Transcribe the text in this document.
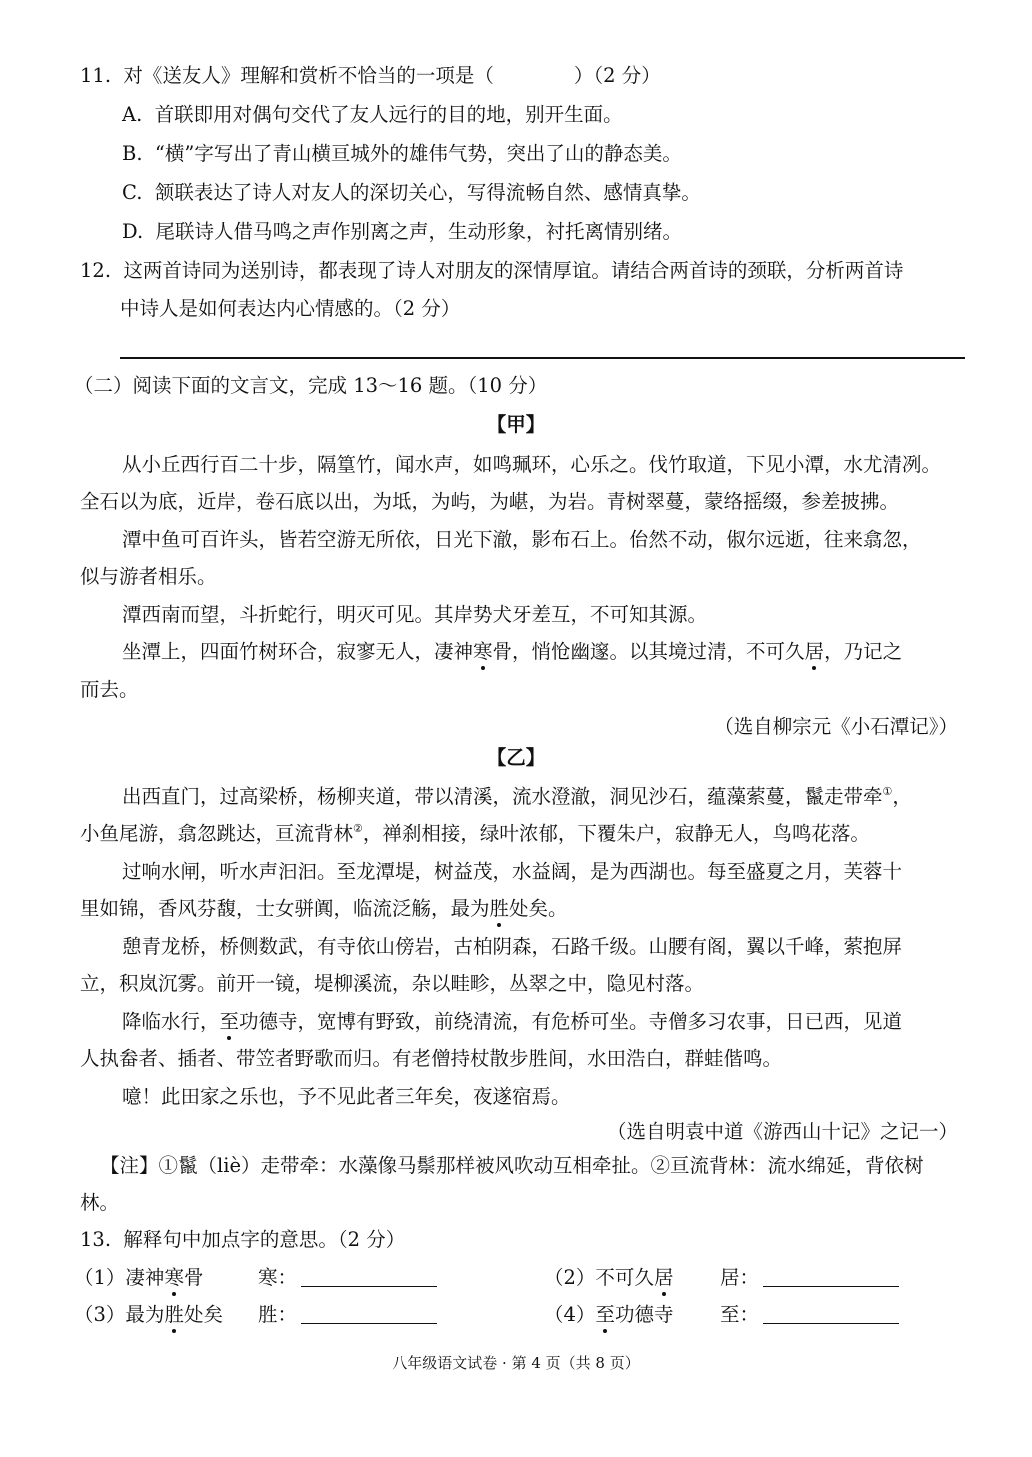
11.  对《送友人》理解和赏析不恰当的一项是（	）（2 分）
A.  首联即用对偶句交代了友人远行的目的地，别开生面。
B.  “横”字写出了青山横亘城外的雄伟气势，突出了山的静态美。
C.  颔联表达了诗人对友人的深切关心，写得流畅自然、感情真挚。
D.  尾联诗人借马鸣之声作别离之声，生动形象，衬托离情别绪。
12.  这两首诗同为送别诗，都表现了诗人对朋友的深情厚谊。请结合两首诗的颈联，分析两首诗
中诗人是如何表达内心情感的。（2 分）
（二）阅读下面的文言文，完成 13～16 题。（10 分）
【甲】
从小丘西行百二十步，隔篁竹，闻水声，如鸣珮环，心乐之。伐竹取道，下见小潭，水尤清冽。
全石以为底，近岸，卷石底以出，为坻，为屿，为嵁，为岩。青树翠蔓，蒙络摇缀，参差披拂。
潭中鱼可百许头，皆若空游无所依，日光下澈，影布石上。佁然不动，俶尔远逝，往来翕忽，
似与游者相乐。
潭西南而望，斗折蛇行，明灭可见。其岸势犬牙差互，不可知其源。
坐潭上，四面竹树环合，寂寥无人，凄神寒骨，悄怆幽邃。以其境过清，不可久居，乃记之
而去。
（选自柳宗元《小石潭记》）
【乙】
出西直门，过高梁桥，杨柳夹道，带以清溪，流水澄澈，洞见沙石，蕴藻萦蔓，鬣走带牵①，
小鱼尾游，翕忽跳达，亘流背林②，禅刹相接，绿叶浓郁，下覆朱户，寂静无人，鸟鸣花落。
过响水闸，听水声汩汩。至龙潭堤，树益茂，水益阔，是为西湖也。每至盛夏之月，芙蓉十
里如锦，香风芬馥，士女骈阗，临流泛觞，最为胜处矣。
憩青龙桥，桥侧数武，有寺依山傍岩，古柏阴森，石路千级。山腰有阁，翼以千峰，萦抱屏
立，积岚沉雾。前开一镜，堤柳溪流，杂以畦畛，丛翠之中，隐见村落。
降临水行，至功德寺，宽博有野致，前绕清流，有危桥可坐。寺僧多习农事，日已西，见道
人执畚者、插者、带笠者野歌而归。有老僧持杖散步胜间，水田浩白，群蛙偕鸣。
噫！此田家之乐也，予不见此者三年矣，夜遂宿焉。
（选自明袁中道《游西山十记》之记一）
【注】①鬣（liè）走带牵：水藻像马鬃那样被风吹动互相牵扯。②亘流背林：流水绵延，背依树
林。
13.  解释句中加点字的意思。（2 分）
（1）凄神寒骨	寒：	（2）不可久居 居：
（3）最为胜处矣 胜：	（4）至功德寺 至：
八年级语文试卷 · 第 4 页（共 8 页）
